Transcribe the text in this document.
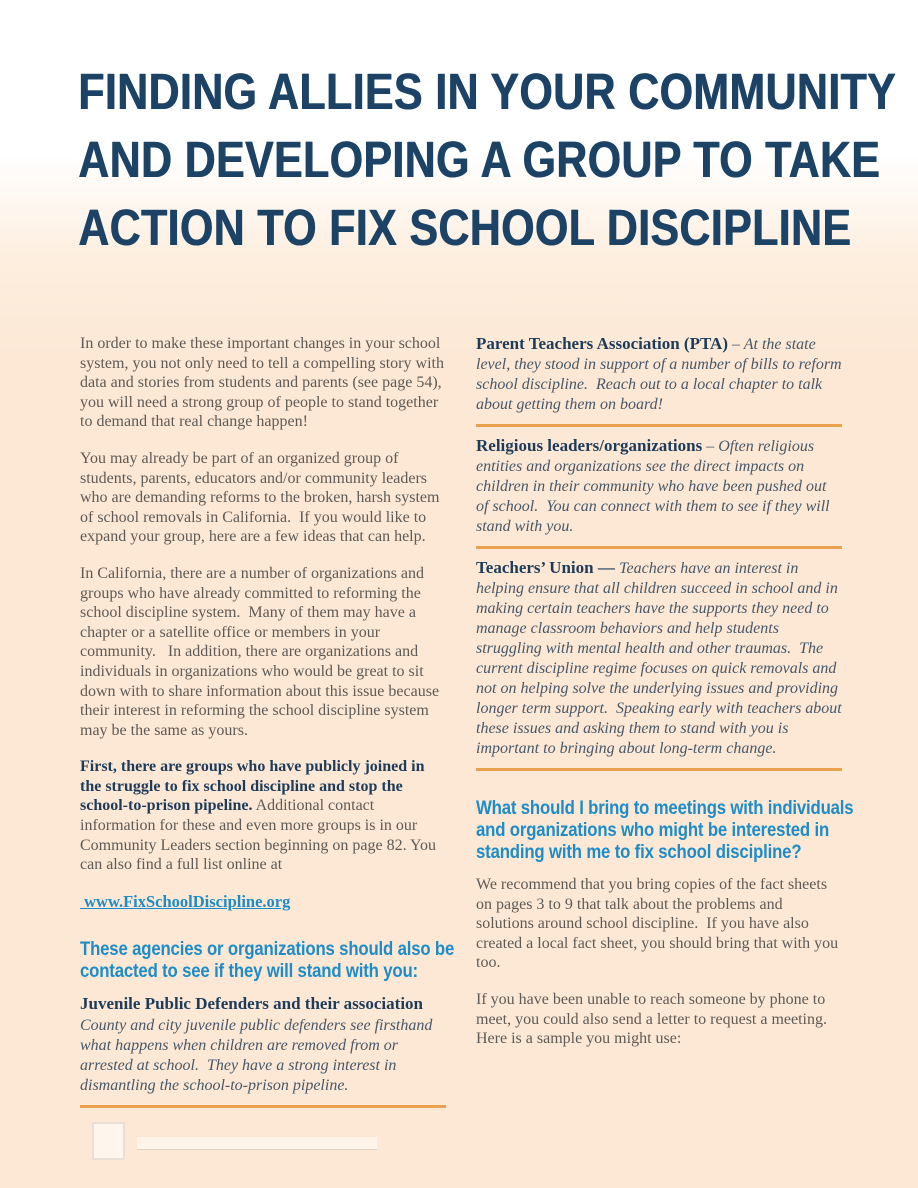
FINDING ALLIES IN YOUR COMMUNITY
AND DEVELOPING A GROUP TO TAKE
ACTION TO FIX SCHOOL DISCIPLINE

In order to make these important changes in your school system, you not only need to tell a compelling story with data and stories from students and parents (see page 54), you will need a strong group of people to stand together to demand that real change happen!

You may already be part of an organized group of students, parents, educators and/or community leaders who are demanding reforms to the broken, harsh system of school removals in California.  If you would like to expand your group, here are a few ideas that can help.

In California, there are a number of organizations and groups who have already committed to reforming the school discipline system.  Many of them may have a chapter or a satellite office or members in your community.   In addition, there are organizations and individuals in organizations who would be great to sit down with to share information about this issue because their interest in reforming the school discipline system may be the same as yours.

First, there are groups who have publicly joined in the struggle to fix school discipline and stop the school-to-prison pipeline. Additional contact information for these and even more groups is in our Community Leaders section beginning on page 82. You can also find a full list online at

www.FixSchoolDiscipline.org
These agencies or organizations should also be
contacted to see if they will stand with you:

Juvenile Public Defenders and their association
County and city juvenile public defenders see firsthand what happens when children are removed from or arrested at school.  They have a strong interest in dismantling the school-to-prison pipeline.

Parent Teachers Association (PTA) – At the state level, they stood in support of a number of bills to reform school discipline.  Reach out to a local chapter to talk about getting them on board!

Religious leaders/organizations – Often religious entities and organizations see the direct impacts on children in their community who have been pushed out of school.  You can connect with them to see if they will stand with you.

Teachers’ Union — Teachers have an interest in helping ensure that all children succeed in school and in making certain teachers have the supports they need to manage classroom behaviors and help students struggling with mental health and other traumas.  The current discipline regime focuses on quick removals and not on helping solve the underlying issues and providing longer term support.  Speaking early with teachers about these issues and asking them to stand with you is important to bringing about long-term change.

What should I bring to meetings with individuals
and organizations who might be interested in
standing with me to fix school discipline?

We recommend that you bring copies of the fact sheets on pages 3 to 9 that talk about the problems and solutions around school discipline.  If you have also created a local fact sheet, you should bring that with you too.

If you have been unable to reach someone by phone to meet, you could also send a letter to request a meeting.  Here is a sample you might use:
